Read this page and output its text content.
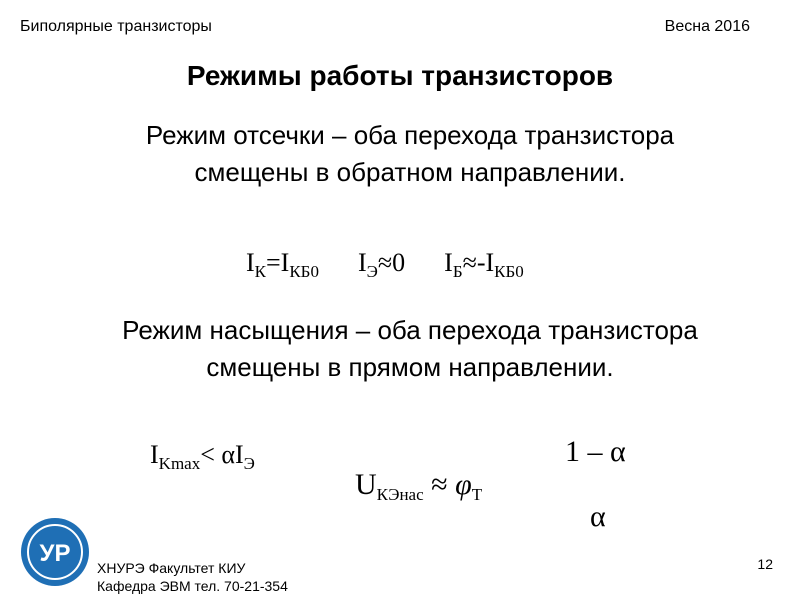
Биполярные транзисторы	Весна 2016
Режимы работы транзисторов
Режим отсечки – оба перехода транзистора смещены в обратном направлении.
$I_К=I_{КБ0}$ $I_Э\approx 0$ $I_Б\approx-I_{КБ0}$
Режим насыщения – оба перехода транзистора смещены в прямом направлении.
$I_{Kmax}< \alpha I_Э$
$U_{КЭнас} \approx \varphi_T$
1 – α
α
УР
ХНУРЭ Факультет КИУ
Кафедра ЭВМ тел. 70-21-354
12
